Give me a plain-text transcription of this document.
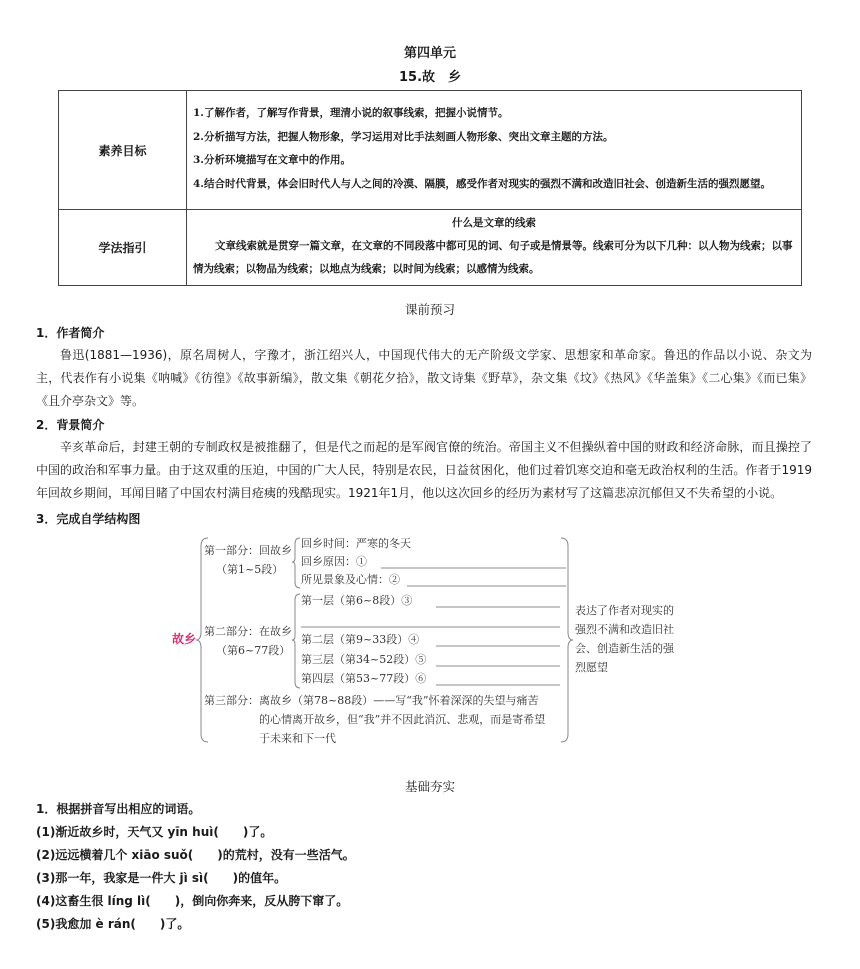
第四单元
15.故　乡
素养目标	1.了解作者，了解写作背景，理清小说的叙事线索，把握小说情节。
2.分析描写方法，把握人物形象，学习运用对比手法刻画人物形象、突出文章主题的方法。
3.分析环境描写在文章中的作用。
4.结合时代背景，体会旧时代人与人之间的冷漠、隔膜，感受作者对现实的强烈不满和改造旧社会、创造新生活的强烈愿望。

学法指引	什么是文章的线索
文章线索就是贯穿一篇文章，在文章的不同段落中都可见的词、句子或是情景等。线索可分为以下几种：以人物为线索；以事情为线索；以物品为线索；以地点为线索；以时间为线索；以感情为线索。
课前预习
1．作者简介
鲁迅(1881—1936)，原名周树人，字豫才，浙江绍兴人，中国现代伟大的无产阶级文学家、思想家和革命家。鲁迅的作品以小说、杂文为主，代表作有小说集《呐喊》《彷徨》《故事新编》，散文集《朝花夕拾》，散文诗集《野草》，杂文集《坟》《热风》《华盖集》《二心集》《而已集》《且介亭杂文》等。
2．背景简介
辛亥革命后，封建王朝的专制政权是被推翻了，但是代之而起的是军阀官僚的统治。帝国主义不但操纵着中国的财政和经济命脉，而且操控了中国的政治和军事力量。由于这双重的压迫，中国的广大人民，特别是农民，日益贫困化，他们过着饥寒交迫和毫无政治权利的生活。作者于1919年回故乡期间，耳闻目睹了中国农村满目疮痍的残酷现实。1921年1月，他以这次回乡的经历为素材写了这篇悲凉沉郁但又不失希望的小说。
3．完成自学结构图
故乡
第一部分：回故乡
（第1~5段）
回乡时间：严寒的冬天
回乡原因：①
所见景象及心情：②
第二部分：在故乡
（第6~77段）
第一层（第6~8段）③
第二层（第9~33段）④
第三层（第34~52段）⑤
第四层（第53~77段）⑥
第三部分：离故乡（第78~88段）——写“我”怀着深深的失望与痛苦
的心情离开故乡，但“我”并不因此消沉、悲观，而是寄希望
于未来和下一代
表达了作者对现实的
强烈不满和改造旧社
会、创造新生活的强
烈愿望
基础夯实
1．根据拼音写出相应的词语。
(1)渐近故乡时，天气又 yīn huì(　　)了。
(2)远远横着几个 xiāo suǒ(　　)的荒村，没有一些活气。
(3)那一年，我家是一件大 jì sì(　　)的值年。
(4)这畜生很 líng lì(　　)，倒向你奔来，反从胯下窜了。
(5)我愈加 è rán(　　)了。
